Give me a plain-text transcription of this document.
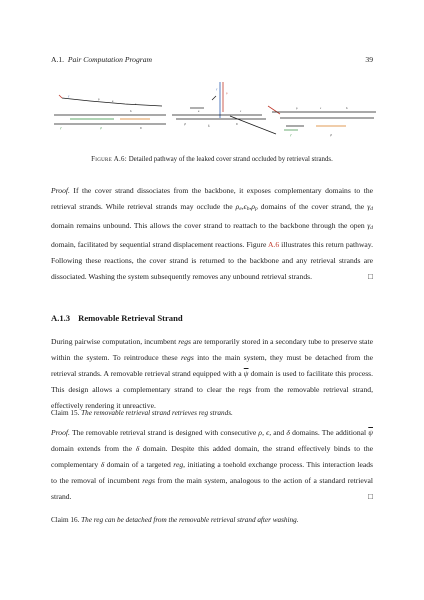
A.1. Pair Computation Program	39
γ
ρ	e
ϵ
γ̄	ρ̄	δ̄
δ
γ
ρ
e	ϵ
ρ̄	δ̄
b̄
ρ	ϵ	δ
γ̄	ρ̄
Figure A.6: Detailed pathway of the leaked cover strand occluded by retrieval strands.
Proof. If the cover strand dissociates from the backbone, it exposes complementary domains to the retrieval strands. While retrieval strands may occlude the ρe,ϵb,ρp domains of the cover strand, the γd domain remains unbound. This allows the cover strand to reattach to the backbone through the open γd domain, facilitated by sequential strand displacement reactions. Figure A.6 illustrates this return pathway. Following these reactions, the cover strand is returned to the backbone and any retrieval strands are dissociated. Washing the system subsequently removes any unbound retrieval strands.	□
A.1.3 Removable Retrieval Strand
During pairwise computation, incumbent regs are temporarily stored in a secondary tube to preserve state within the system. To reintroduce these regs into the main system, they must be detached from the retrieval strands. A removable retrieval strand equipped with a $\overline{\psi}$ domain is used to facilitate this process. This design allows a complementary strand to clear the regs from the removable retrieval strand, effectively rendering it unreactive.
Claim 15. The removable retrieval strand retrieves reg strands.
Proof. The removable retrieval strand is designed with consecutive ρ, ϵ, and δ domains. The additional $\overline{\psi}$ domain extends from the δ domain. Despite this added domain, the strand effectively binds to the complementary δ domain of a targeted reg, initiating a toehold exchange process. This interaction leads to the removal of incumbent regs from the main system, analogous to the action of a standard retrieval strand.	□
Claim 16. The reg can be detached from the removable retrieval strand after washing.
